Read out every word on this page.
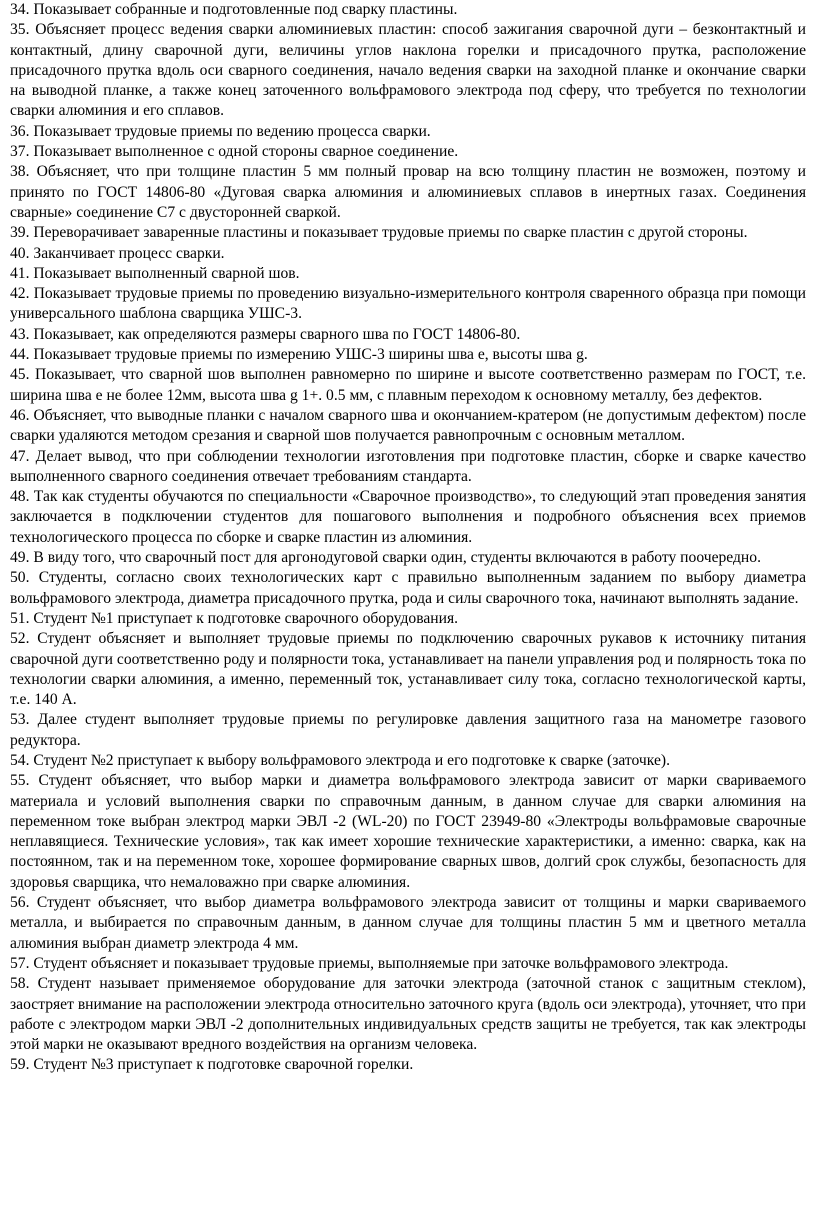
34. Показывает собранные и подготовленные под сварку пластины.

35. Объясняет процесс ведения сварки алюминиевых пластин: способ зажигания сварочной дуги – безконтактный и контактный, длину сварочной дуги, величины углов наклона горелки и присадочного прутка, расположение присадочного прутка вдоль оси сварного соединения, начало ведения сварки на заходной планке и окончание сварки на выводной планке, а также конец заточенного вольфрамового электрода под сферу, что требуется по технологии сварки алюминия и его сплавов.

36. Показывает трудовые приемы по ведению процесса сварки.

37. Показывает выполненное с одной стороны сварное соединение.

38. Объясняет, что при толщине пластин 5 мм полный провар на всю толщину пластин не возможен, поэтому и принято по ГОСТ 14806-80 «Дуговая сварка алюминия и алюминиевых сплавов в инертных газах. Соединения сварные» соединение С7 с двусторонней сваркой.

39. Переворачивает заваренные пластины и показывает трудовые приемы по сварке пластин с другой стороны.

40. Заканчивает процесс сварки.

41. Показывает выполненный сварной шов.

42. Показывает трудовые приемы по проведению визуально-измерительного контроля сваренного образца при помощи универсального шаблона сварщика УШС-3.

43. Показывает, как определяются размеры сварного шва по ГОСТ 14806-80.

44. Показывает трудовые приемы по измерению УШС-3 ширины шва е, высоты шва g.

45. Показывает, что сварной шов выполнен равномерно по ширине и высоте соответственно размерам по ГОСТ, т.е. ширина шва е не более 12мм, высота шва g 1+. 0.5 мм, с плавным переходом к основному металлу, без дефектов.

46. Объясняет, что выводные планки с началом сварного шва и окончанием-кратером (не допустимым дефектом) после сварки удаляются методом срезания и сварной шов получается равнопрочным с основным металлом.

47. Делает вывод, что при соблюдении технологии изготовления при подготовке пластин, сборке и сварке качество выполненного сварного соединения отвечает требованиям стандарта.

48. Так как студенты обучаются по специальности «Сварочное производство», то следующий этап проведения занятия заключается в подключении студентов для пошагового выполнения и подробного объяснения всех приемов технологического процесса по сборке и сварке пластин из алюминия.

49. В виду того, что сварочный пост для аргонодуговой сварки один, студенты включаются в работу поочередно.

50. Студенты, согласно своих технологических карт с правильно выполненным заданием по выбору диаметра вольфрамового электрода, диаметра присадочного прутка, рода и силы сварочного тока, начинают выполнять задание.

51. Студент №1 приступает к подготовке сварочного оборудования.

52. Студент объясняет и выполняет трудовые приемы по подключению сварочных рукавов к источнику питания сварочной дуги соответственно роду и полярности тока, устанавливает на панели управления род и полярность тока по технологии сварки алюминия, а именно, переменный ток, устанавливает силу тока, согласно технологической карты, т.е. 140 А.

53. Далее студент выполняет трудовые приемы по регулировке давления защитного газа на манометре газового редуктора.

54. Студент №2 приступает к выбору вольфрамового электрода и его подготовке к сварке (заточке).

55. Студент объясняет, что выбор марки и диаметра вольфрамового электрода зависит от марки свариваемого материала и условий выполнения сварки по справочным данным, в данном случае для сварки алюминия на переменном токе выбран электрод марки ЭВЛ -2 (WL-20) по ГОСТ 23949-80 «Электроды вольфрамовые сварочные неплавящиеся. Технические условия», так как имеет хорошие технические характеристики, а именно: сварка, как на постоянном, так и на переменном токе, хорошее формирование сварных швов, долгий срок службы, безопасность для здоровья сварщика, что немаловажно при сварке алюминия.

56. Студент объясняет, что выбор диаметра вольфрамового электрода зависит от толщины и марки свариваемого металла, и выбирается по справочным данным, в данном случае для толщины пластин 5 мм и цветного металла алюминия выбран диаметр электрода 4 мм.

57. Студент объясняет и показывает трудовые приемы, выполняемые при заточке вольфрамового электрода.

58. Студент называет применяемое оборудование для заточки электрода (заточной станок с защитным стеклом), заостряет внимание на расположении электрода относительно заточного круга (вдоль оси электрода), уточняет, что при работе с электродом марки ЭВЛ -2 дополнительных индивидуальных средств защиты не требуется, так как электроды этой марки не оказывают вредного воздействия на организм человека.

59. Студент №3 приступает к подготовке сварочной горелки.
